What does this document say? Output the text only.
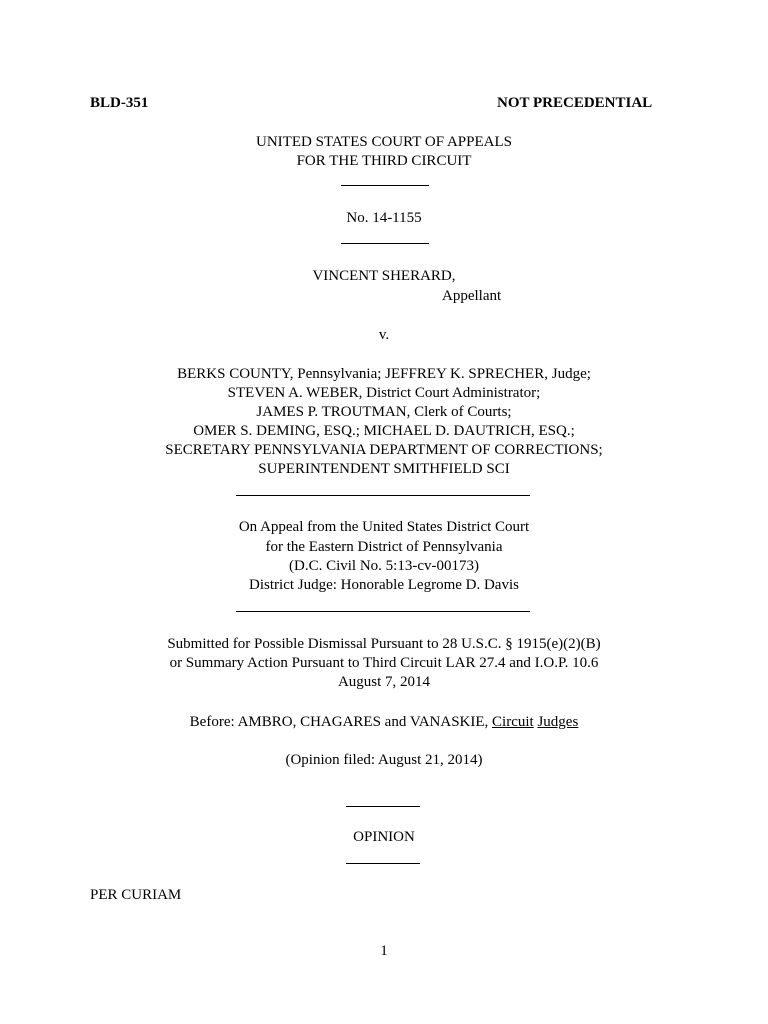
BLD-351	NOT PRECEDENTIAL
UNITED STATES COURT OF APPEALS
FOR THE THIRD CIRCUIT
No. 14-1155
VINCENT SHERARD,
Appellant
v.
BERKS COUNTY, Pennsylvania; JEFFREY K. SPRECHER, Judge;
STEVEN A. WEBER, District Court Administrator;
JAMES P. TROUTMAN, Clerk of Courts;
OMER S. DEMING, ESQ.; MICHAEL D. DAUTRICH, ESQ.;
SECRETARY PENNSYLVANIA DEPARTMENT OF CORRECTIONS;
SUPERINTENDENT SMITHFIELD SCI
On Appeal from the United States District Court
for the Eastern District of Pennsylvania
(D.C. Civil No. 5:13-cv-00173)
District Judge: Honorable Legrome D. Davis
Submitted for Possible Dismissal Pursuant to 28 U.S.C. § 1915(e)(2)(B)
or Summary Action Pursuant to Third Circuit LAR 27.4 and I.O.P. 10.6
August 7, 2014
Before: AMBRO, CHAGARES and VANASKIE, Circuit Judges
(Opinion filed: August 21, 2014)
OPINION
PER CURIAM
1
